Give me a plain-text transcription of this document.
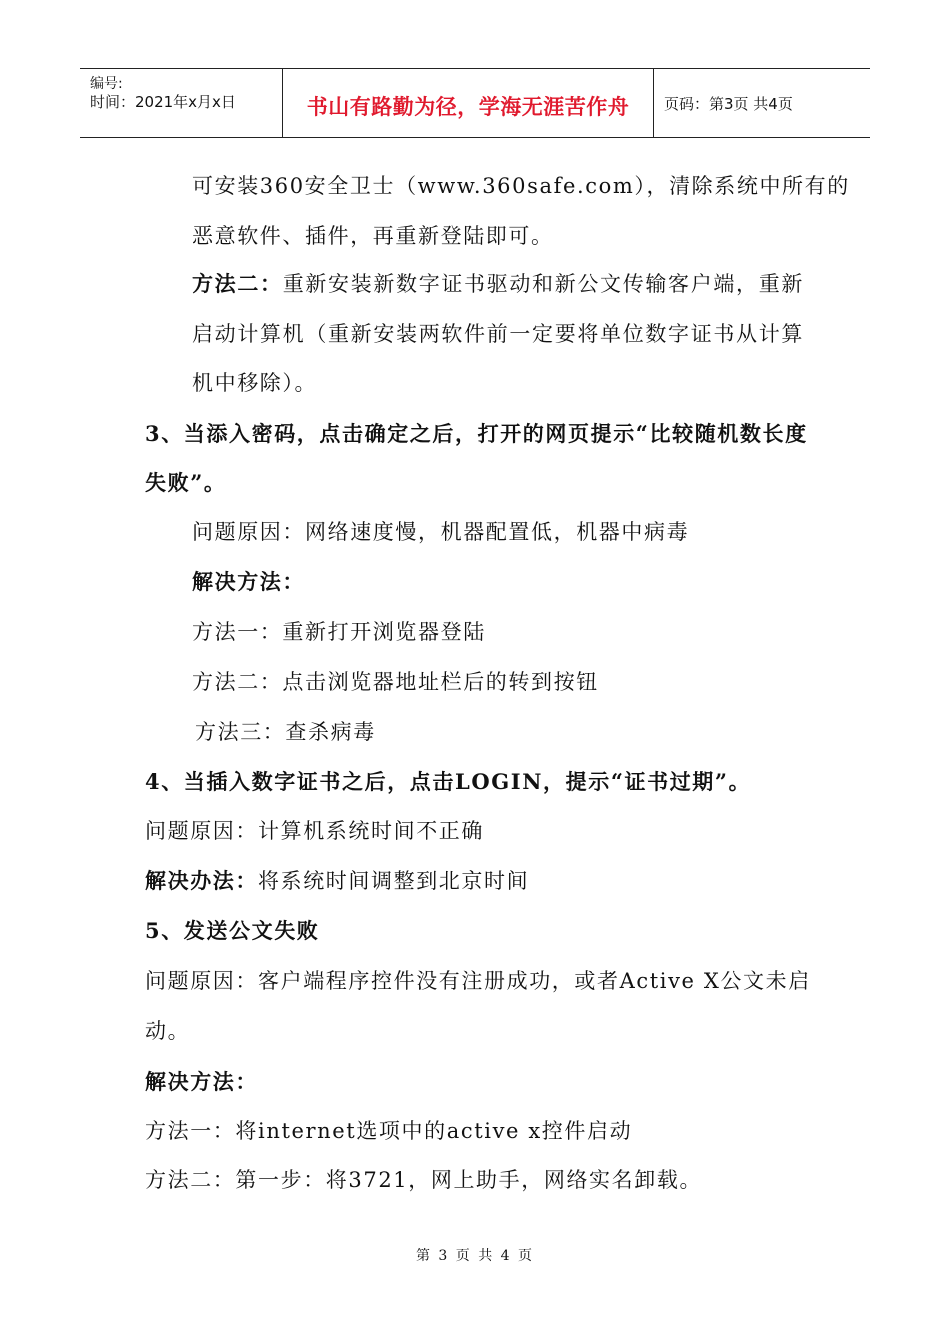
编号:
时间：2021年x月x日	书山有路勤为径，学海无涯苦作舟	页码：第3页 共4页
可安装360安全卫士（www.360safe.com），清除系统中所有的
恶意软件、插件，再重新登陆即可。
方法二：重新安装新数字证书驱动和新公文传输客户端，重新
启动计算机（重新安装两软件前一定要将单位数字证书从计算
机中移除）。
3、当添入密码，点击确定之后，打开的网页提示“比较随机数长度
失败”。
问题原因：网络速度慢，机器配置低，机器中病毒
解决方法：
方法一：重新打开浏览器登陆
方法二：点击浏览器地址栏后的转到按钮
方法三：查杀病毒
4、当插入数字证书之后，点击LOGIN，提示“证书过期”。
问题原因：计算机系统时间不正确
解决办法：将系统时间调整到北京时间
5、发送公文失败
问题原因：客户端程序控件没有注册成功，或者Active X公文未启
动。
解决方法：
方法一：将internet选项中的active x控件启动
方法二：第一步：将3721，网上助手，网络实名卸载。
第 3 页 共 4 页
